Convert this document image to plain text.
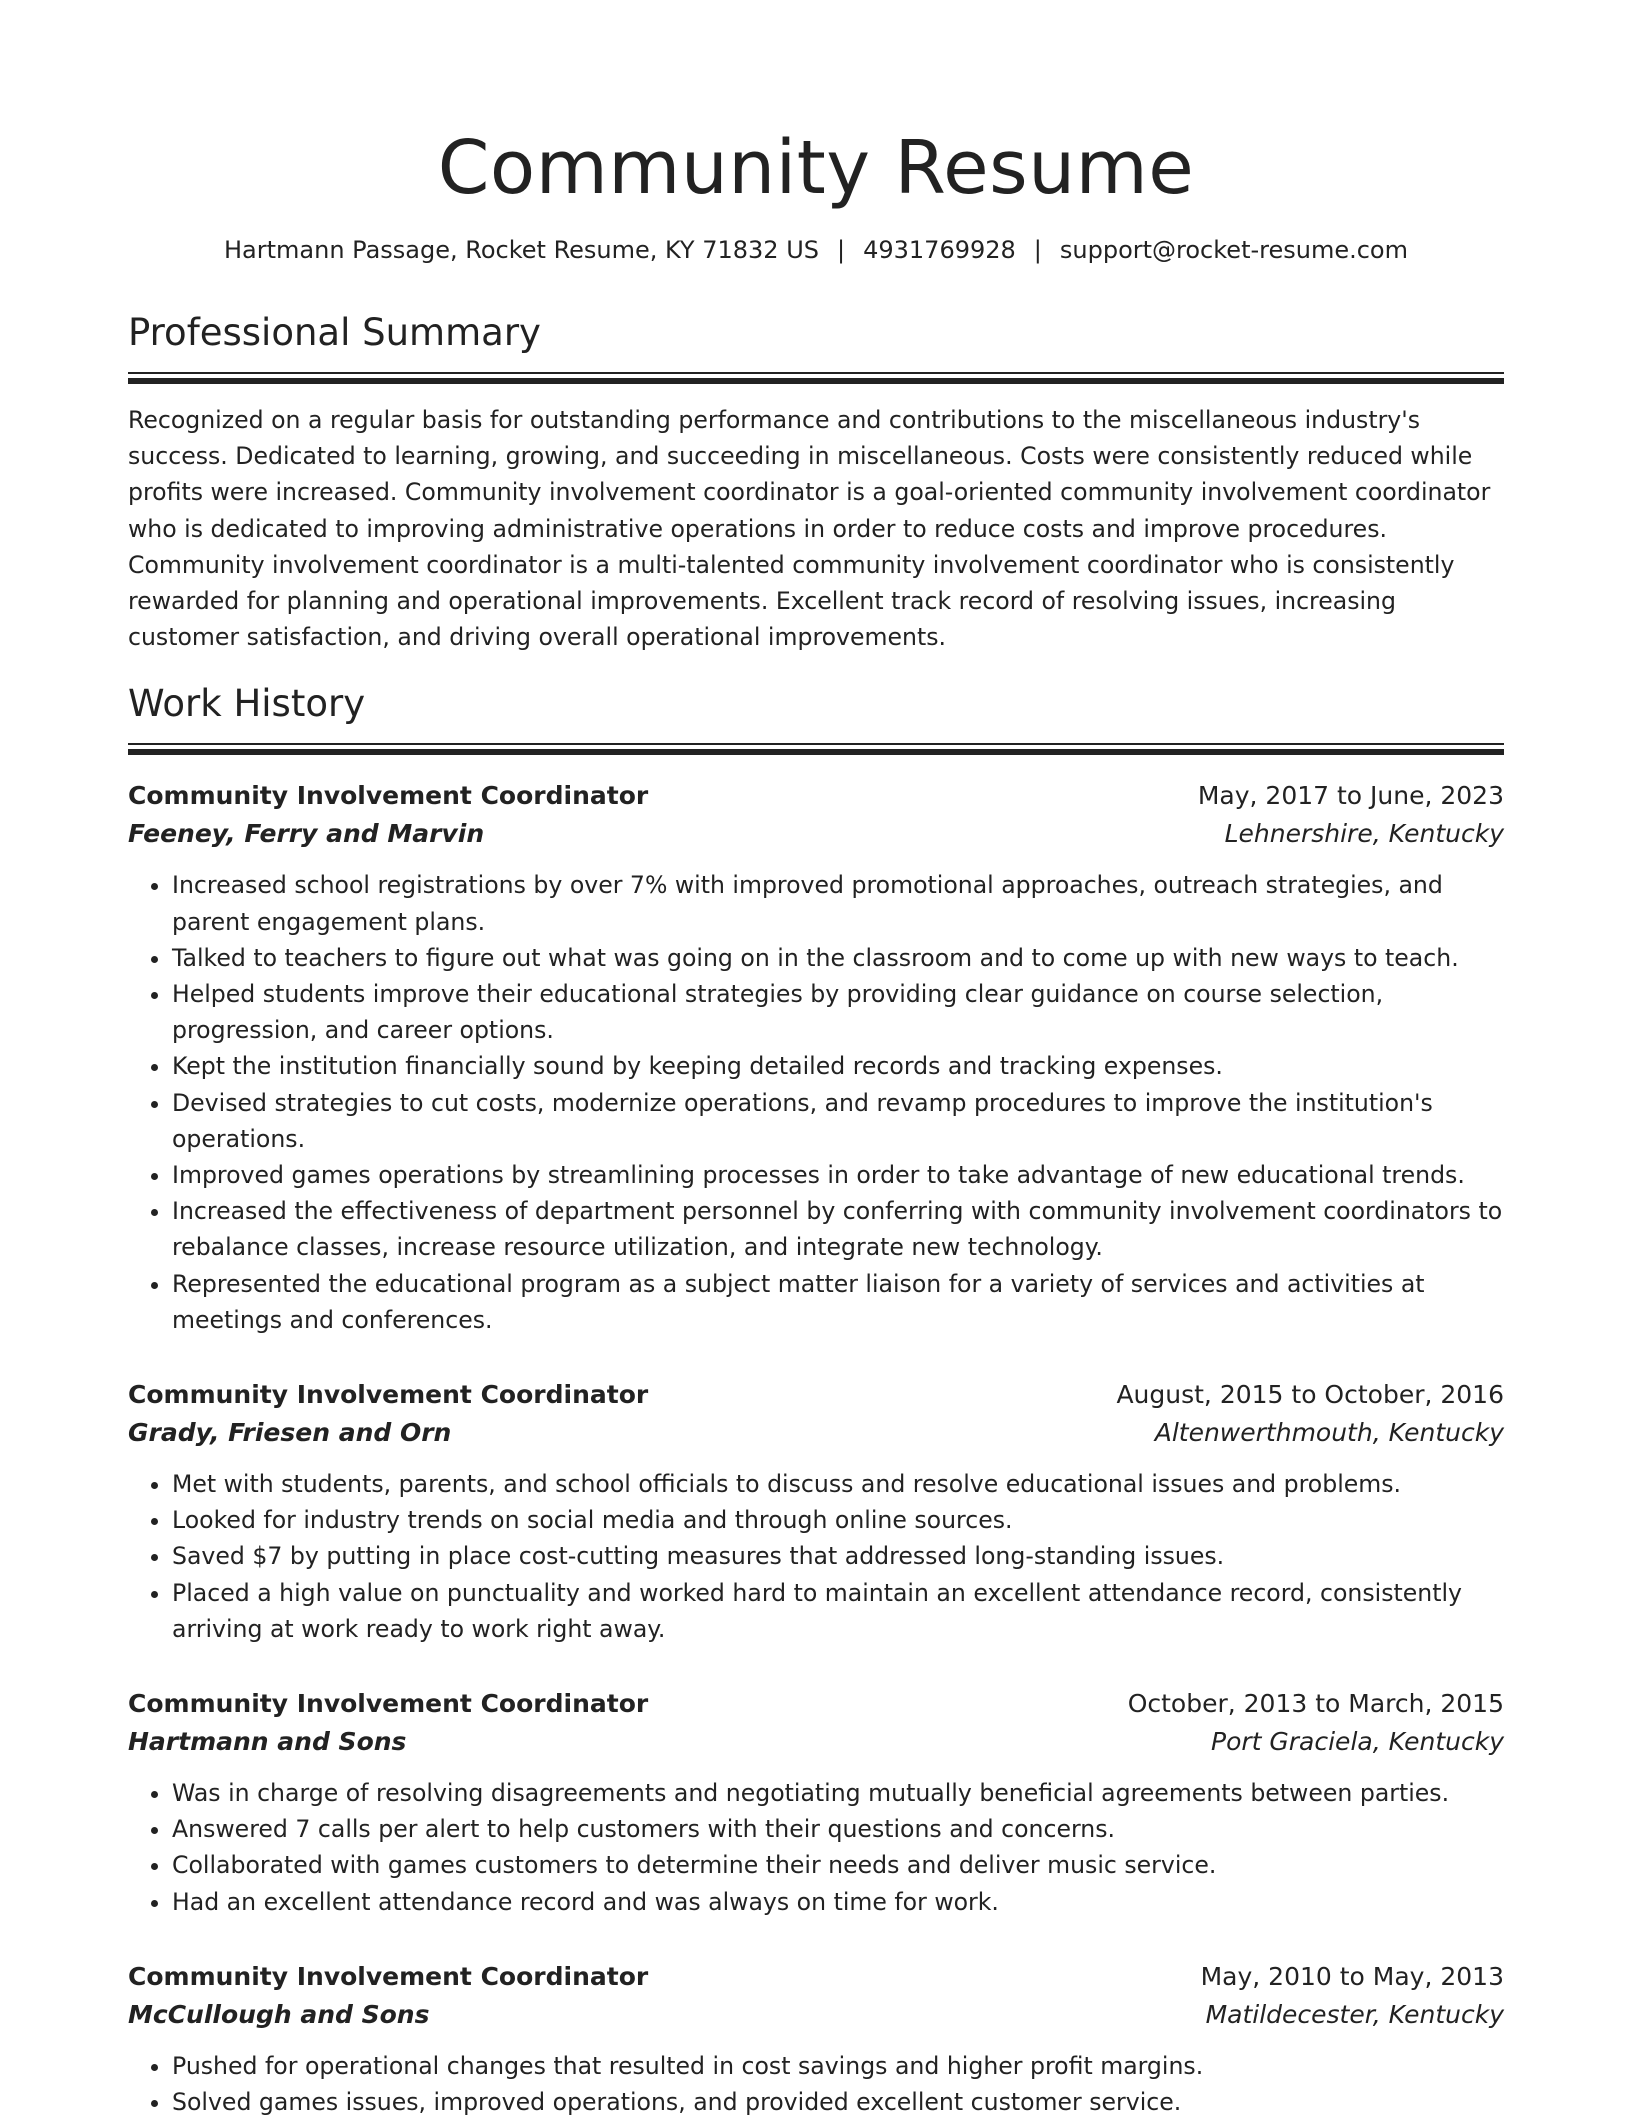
Community Resume
Hartmann Passage, Rocket Resume, KY 71832 US | 4931769928 | support@rocket-resume.com
Professional Summary

Recognized on a regular basis for outstanding performance and contributions to the miscellaneous industry's success. Dedicated to learning, growing, and succeeding in miscellaneous. Costs were consistently reduced while profits were increased. Community involvement coordinator is a goal-oriented community involvement coordinator who is dedicated to improving administrative operations in order to reduce costs and improve procedures. Community involvement coordinator is a multi-talented community involvement coordinator who is consistently rewarded for planning and operational improvements. Excellent track record of resolving issues, increasing customer satisfaction, and driving overall operational improvements.

Work History
Community Involvement Coordinator	May, 2017 to June, 2023
Feeney, Ferry and Marvin	Lehnershire, Kentucky
• Increased school registrations by over 7% with improved promotional approaches, outreach strategies, and parent engagement plans.
• Talked to teachers to figure out what was going on in the classroom and to come up with new ways to teach.
• Helped students improve their educational strategies by providing clear guidance on course selection, progression, and career options.
• Kept the institution financially sound by keeping detailed records and tracking expenses.
• Devised strategies to cut costs, modernize operations, and revamp procedures to improve the institution's operations.
• Improved games operations by streamlining processes in order to take advantage of new educational trends.
• Increased the effectiveness of department personnel by conferring with community involvement coordinators to rebalance classes, increase resource utilization, and integrate new technology.
• Represented the educational program as a subject matter liaison for a variety of services and activities at meetings and conferences.
Community Involvement Coordinator	August, 2015 to October, 2016
Grady, Friesen and Orn	Altenwerthmouth, Kentucky
• Met with students, parents, and school officials to discuss and resolve educational issues and problems.
• Looked for industry trends on social media and through online sources.
• Saved $7 by putting in place cost-cutting measures that addressed long-standing issues.
• Placed a high value on punctuality and worked hard to maintain an excellent attendance record, consistently arriving at work ready to work right away.
Community Involvement Coordinator	October, 2013 to March, 2015
Hartmann and Sons	Port Graciela, Kentucky
• Was in charge of resolving disagreements and negotiating mutually beneficial agreements between parties.
• Answered 7 calls per alert to help customers with their questions and concerns.
• Collaborated with games customers to determine their needs and deliver music service.
• Had an excellent attendance record and was always on time for work.
Community Involvement Coordinator	May, 2010 to May, 2013
McCullough and Sons	Matildecester, Kentucky
• Pushed for operational changes that resulted in cost savings and higher profit margins.
• Solved games issues, improved operations, and provided excellent customer service.
